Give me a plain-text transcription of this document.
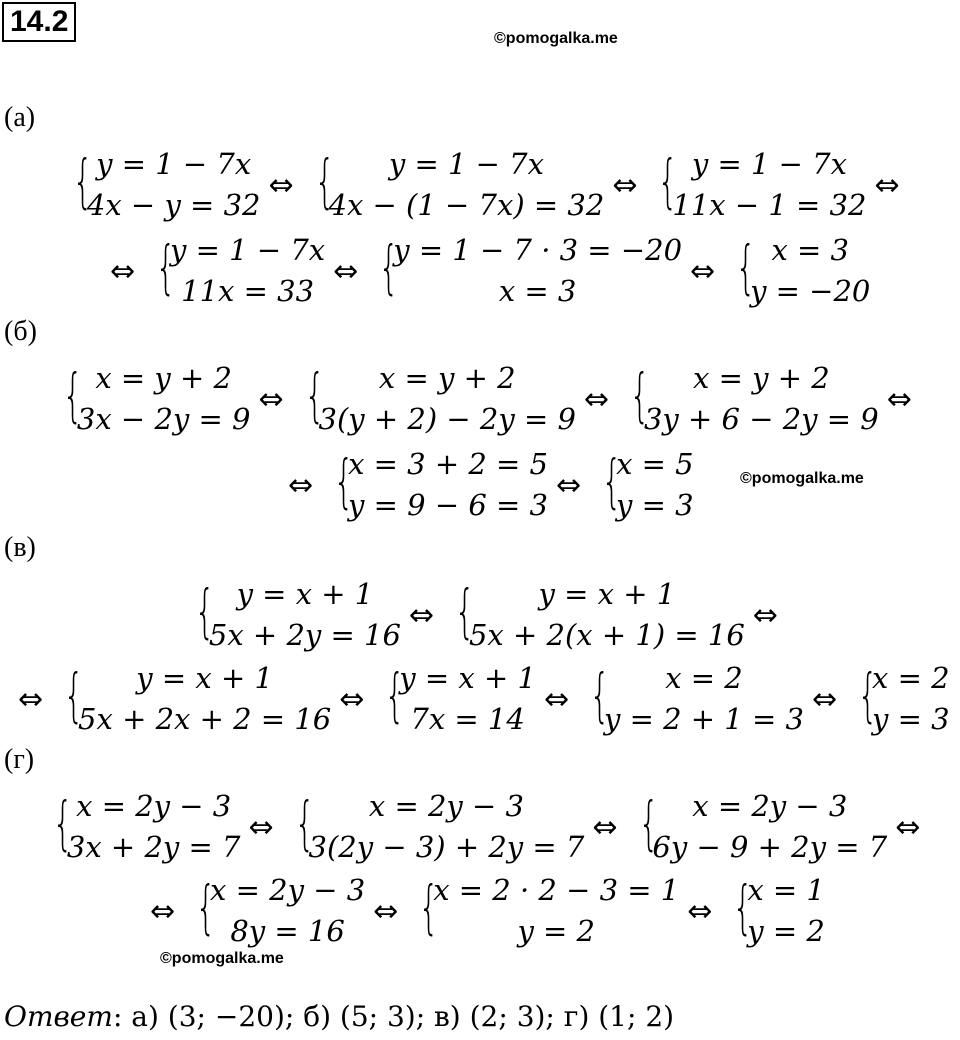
14.2
©pomogalka.me
(а)
{ y = 1 − 7x
4x − y = 32
⇔ {	y = 1 − 7x
4x − (1 − 7x) = 32
⇔ { y = 1 − 7x
11x − 1 = 32
⇔
⇔ {
y = 1 − 7x
11x = 33
⇔ {
y = 1 − 7 · 3 = −20
x = 3
⇔ { x = 3
y = −20
(б)
{ x = y + 2
3x − 2y = 9
⇔ {	x = y + 2
3(y + 2) − 2y = 9
⇔ {	x = y + 2
3y + 6 − 2y = 9
⇔
⇔ {
x = 3 + 2 = 5
y = 9 − 6 = 3
⇔ {
x = 5
y = 3
©pomogalka.me
(в)
{ y = x + 1
5x + 2y = 16
⇔ {	y = x + 1
5x + 2(x + 1) = 16
⇔
⇔ {	y = x + 1
5x + 2x + 2 = 16
⇔ {
y = x + 1
7x = 14
⇔ {	x = 2
y = 2 + 1 = 3
⇔ {
x = 2
y = 3
(г)
{ x = 2y − 3
3x + 2y = 7
⇔ {	x = 2y − 3
3(2y − 3) + 2y = 7
⇔ {	x = 2y − 3
6y − 9 + 2y = 7
⇔
⇔ {
x = 2y − 3
8y = 16
⇔ {
x = 2 · 2 − 3 = 1
y = 2
⇔ {
x = 1
y = 2
©pomogalka.me
Ответ: а) (3; −20); б) (5; 3); в) (2; 3); г) (1; 2)
